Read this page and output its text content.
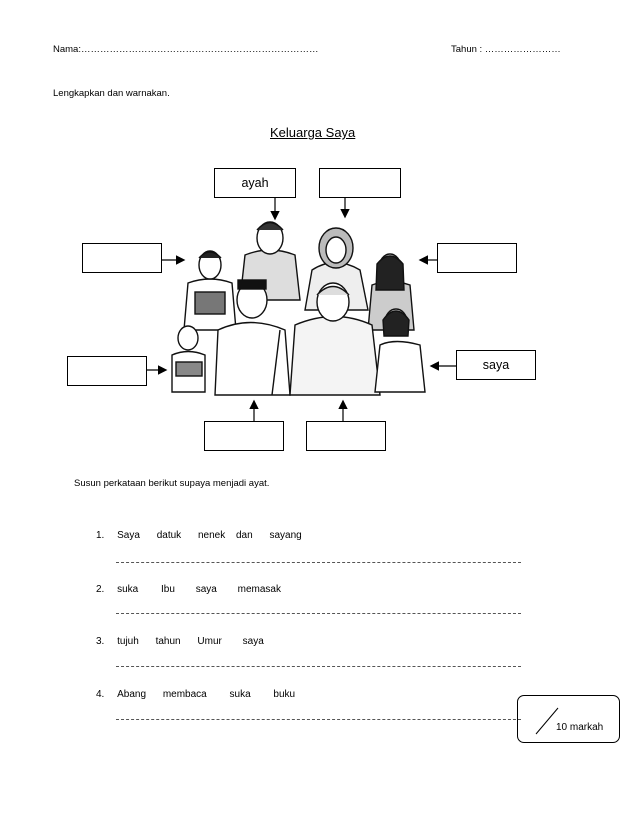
Nama:…………………………………………………………………	Tahun : ……………………
Lengkapkan dan warnakan.
Keluarga Saya
ayah
saya
Susun perkataan berikut supaya menjadi ayat.
1. Saya datuk nenek dan sayang
2. suka Ibu saya memasak
3. tujuh tahun Umur saya
4. Abang membaca suka buku
10 markah
